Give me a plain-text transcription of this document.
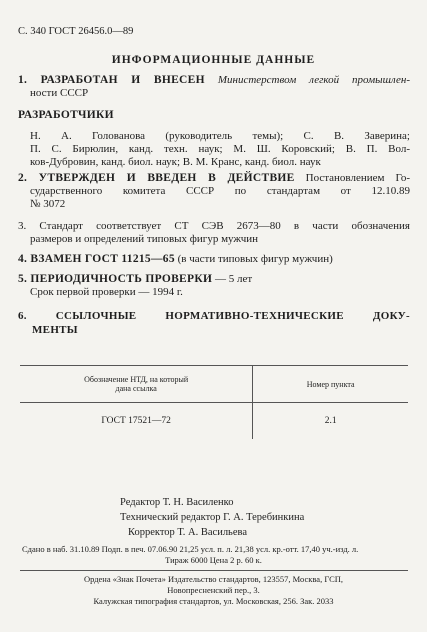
С. 340 ГОСТ 26456.0—89
ИНФОРМАЦИОННЫЕ ДАННЫЕ
1. РАЗРАБОТАН И ВНЕСЕН Министерством легкой промышлен-
ности СССР
РАЗРАБОТЧИКИ
Н. А. Голованова (руководитель темы); С. В. Заверина;
П. С. Бирюлин, канд. техн. наук; М. Ш. Коровский; В. П. Вол-
ков-Дубровин, канд. биол. наук; В. М. Кранс, канд. биол. наук
2. УТВЕРЖДЕН И ВВЕДЕН В ДЕЙСТВИЕ Постановлением Го-
сударственного комитета СССР по стандартам от 12.10.89
№ 3072
3. Стандарт соответствует СТ СЭВ 2673—80 в части обозначения
размеров и определений типовых фигур мужчин
4. ВЗАМЕН ГОСТ 11215—65 (в части типовых фигур мужчин)
5. ПЕРИОДИЧНОСТЬ ПРОВЕРКИ — 5 лет
Срок первой проверки — 1994 г.
6. ССЫЛОЧНЫЕ НОРМАТИВНО-ТЕХНИЧЕСКИЕ ДОКУ-
МЕНТЫ
Обозначение НТД, на который
дана ссылка	Номер пункта
ГОСТ 17521—72	2.1
Редактор Т. Н. Василенко
Технический редактор Г. А. Теребинкина
Корректор Т. А. Васильева
Сдано в наб. 31.10.89 Подп. в печ. 07.06.90 21,25 усл. п. л. 21,38 усл. кр.-отт. 17,40 уч.-изд. л.
Тираж 6000 Цена 2 р. 60 к.
Ордена «Знак Почета» Издательство стандартов, 123557, Москва, ГСП,
Новопресненский пер., 3.
Калужская типография стандартов, ул. Московская, 256. Зак. 2033
